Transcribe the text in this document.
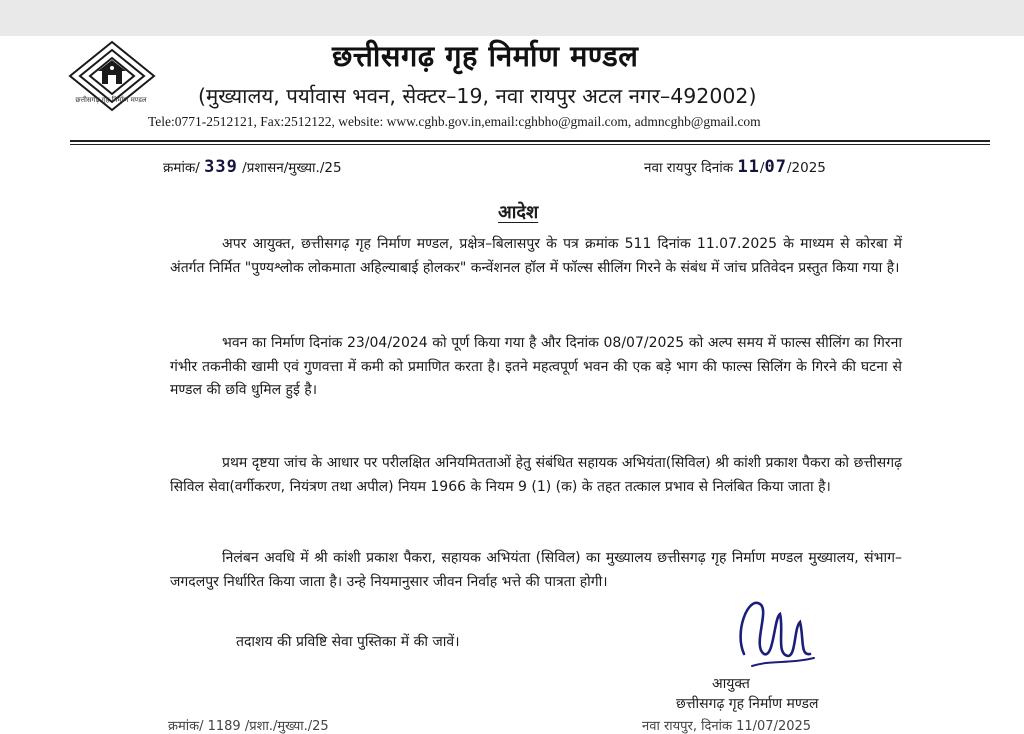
छत्तीसगढ़ गृह निर्माण मण्डल
छत्तीसगढ़ गृह निर्माण मण्डल
(मुख्यालय, पर्यावास भवन, सेक्टर–19, नवा रायपुर अटल नगर–492002)
Tele:0771-2512121, Fax:2512122, website: www.cghb.gov.in,email:cghbho@gmail.com, admncghb@gmail.com
क्रमांक/ 339 /प्रशासन/मुख्या./25	नवा रायपुर दिनांक 11/07/2025
आदेश
अपर आयुक्त, छत्तीसगढ़ गृह निर्माण मण्डल, प्रक्षेत्र–बिलासपुर के पत्र क्रमांक 511 दिनांक 11.07.2025 के माध्यम से कोरबा में अंतर्गत निर्मित "पुण्यश्लोक लोकमाता अहिल्याबाई होलकर" कन्वेंशनल हॉल में फॉल्स सीलिंग गिरने के संबंध में जांच प्रतिवेदन प्रस्तुत किया गया है।
भवन का निर्माण दिनांक 23/04/2024 को पूर्ण किया गया है और दिनांक 08/07/2025 को अल्प समय में फाल्स सीलिंग का गिरना गंभीर तकनीकी खामी एवं गुणवत्ता में कमी को प्रमाणित करता है। इतने महत्वपूर्ण भवन की एक बड़े भाग की फाल्स सिलिंग के गिरने की घटना से मण्डल की छवि धुमिल हुई है।
प्रथम दृष्टया जांच के आधार पर परीलक्षित अनियमितताओं हेतु संबंधित सहायक अभियंता(सिविल) श्री कांशी प्रकाश पैकरा को छत्तीसगढ़ सिविल सेवा(वर्गीकरण, नियंत्रण तथा अपील) नियम 1966 के नियम 9 (1) (क) के तहत तत्काल प्रभाव से निलंबित किया जाता है।
निलंबन अवधि में श्री कांशी प्रकाश पैकरा, सहायक अभियंता (सिविल) का मुख्यालय छत्तीसगढ़ गृह निर्माण मण्डल मुख्यालय, संभाग–जगदलपुर निर्धारित किया जाता है। उन्हे नियमानुसार जीवन निर्वाह भत्ते की पात्रता होगी।
तदाशय की प्रविष्टि सेवा पुस्तिका में की जावें।
आयुक्त
छत्तीसगढ़ गृह निर्माण मण्डल
क्रमांक/ 1189 /प्रशा./मुख्या./25	नवा रायपुर, दिनांक 11/07/2025
